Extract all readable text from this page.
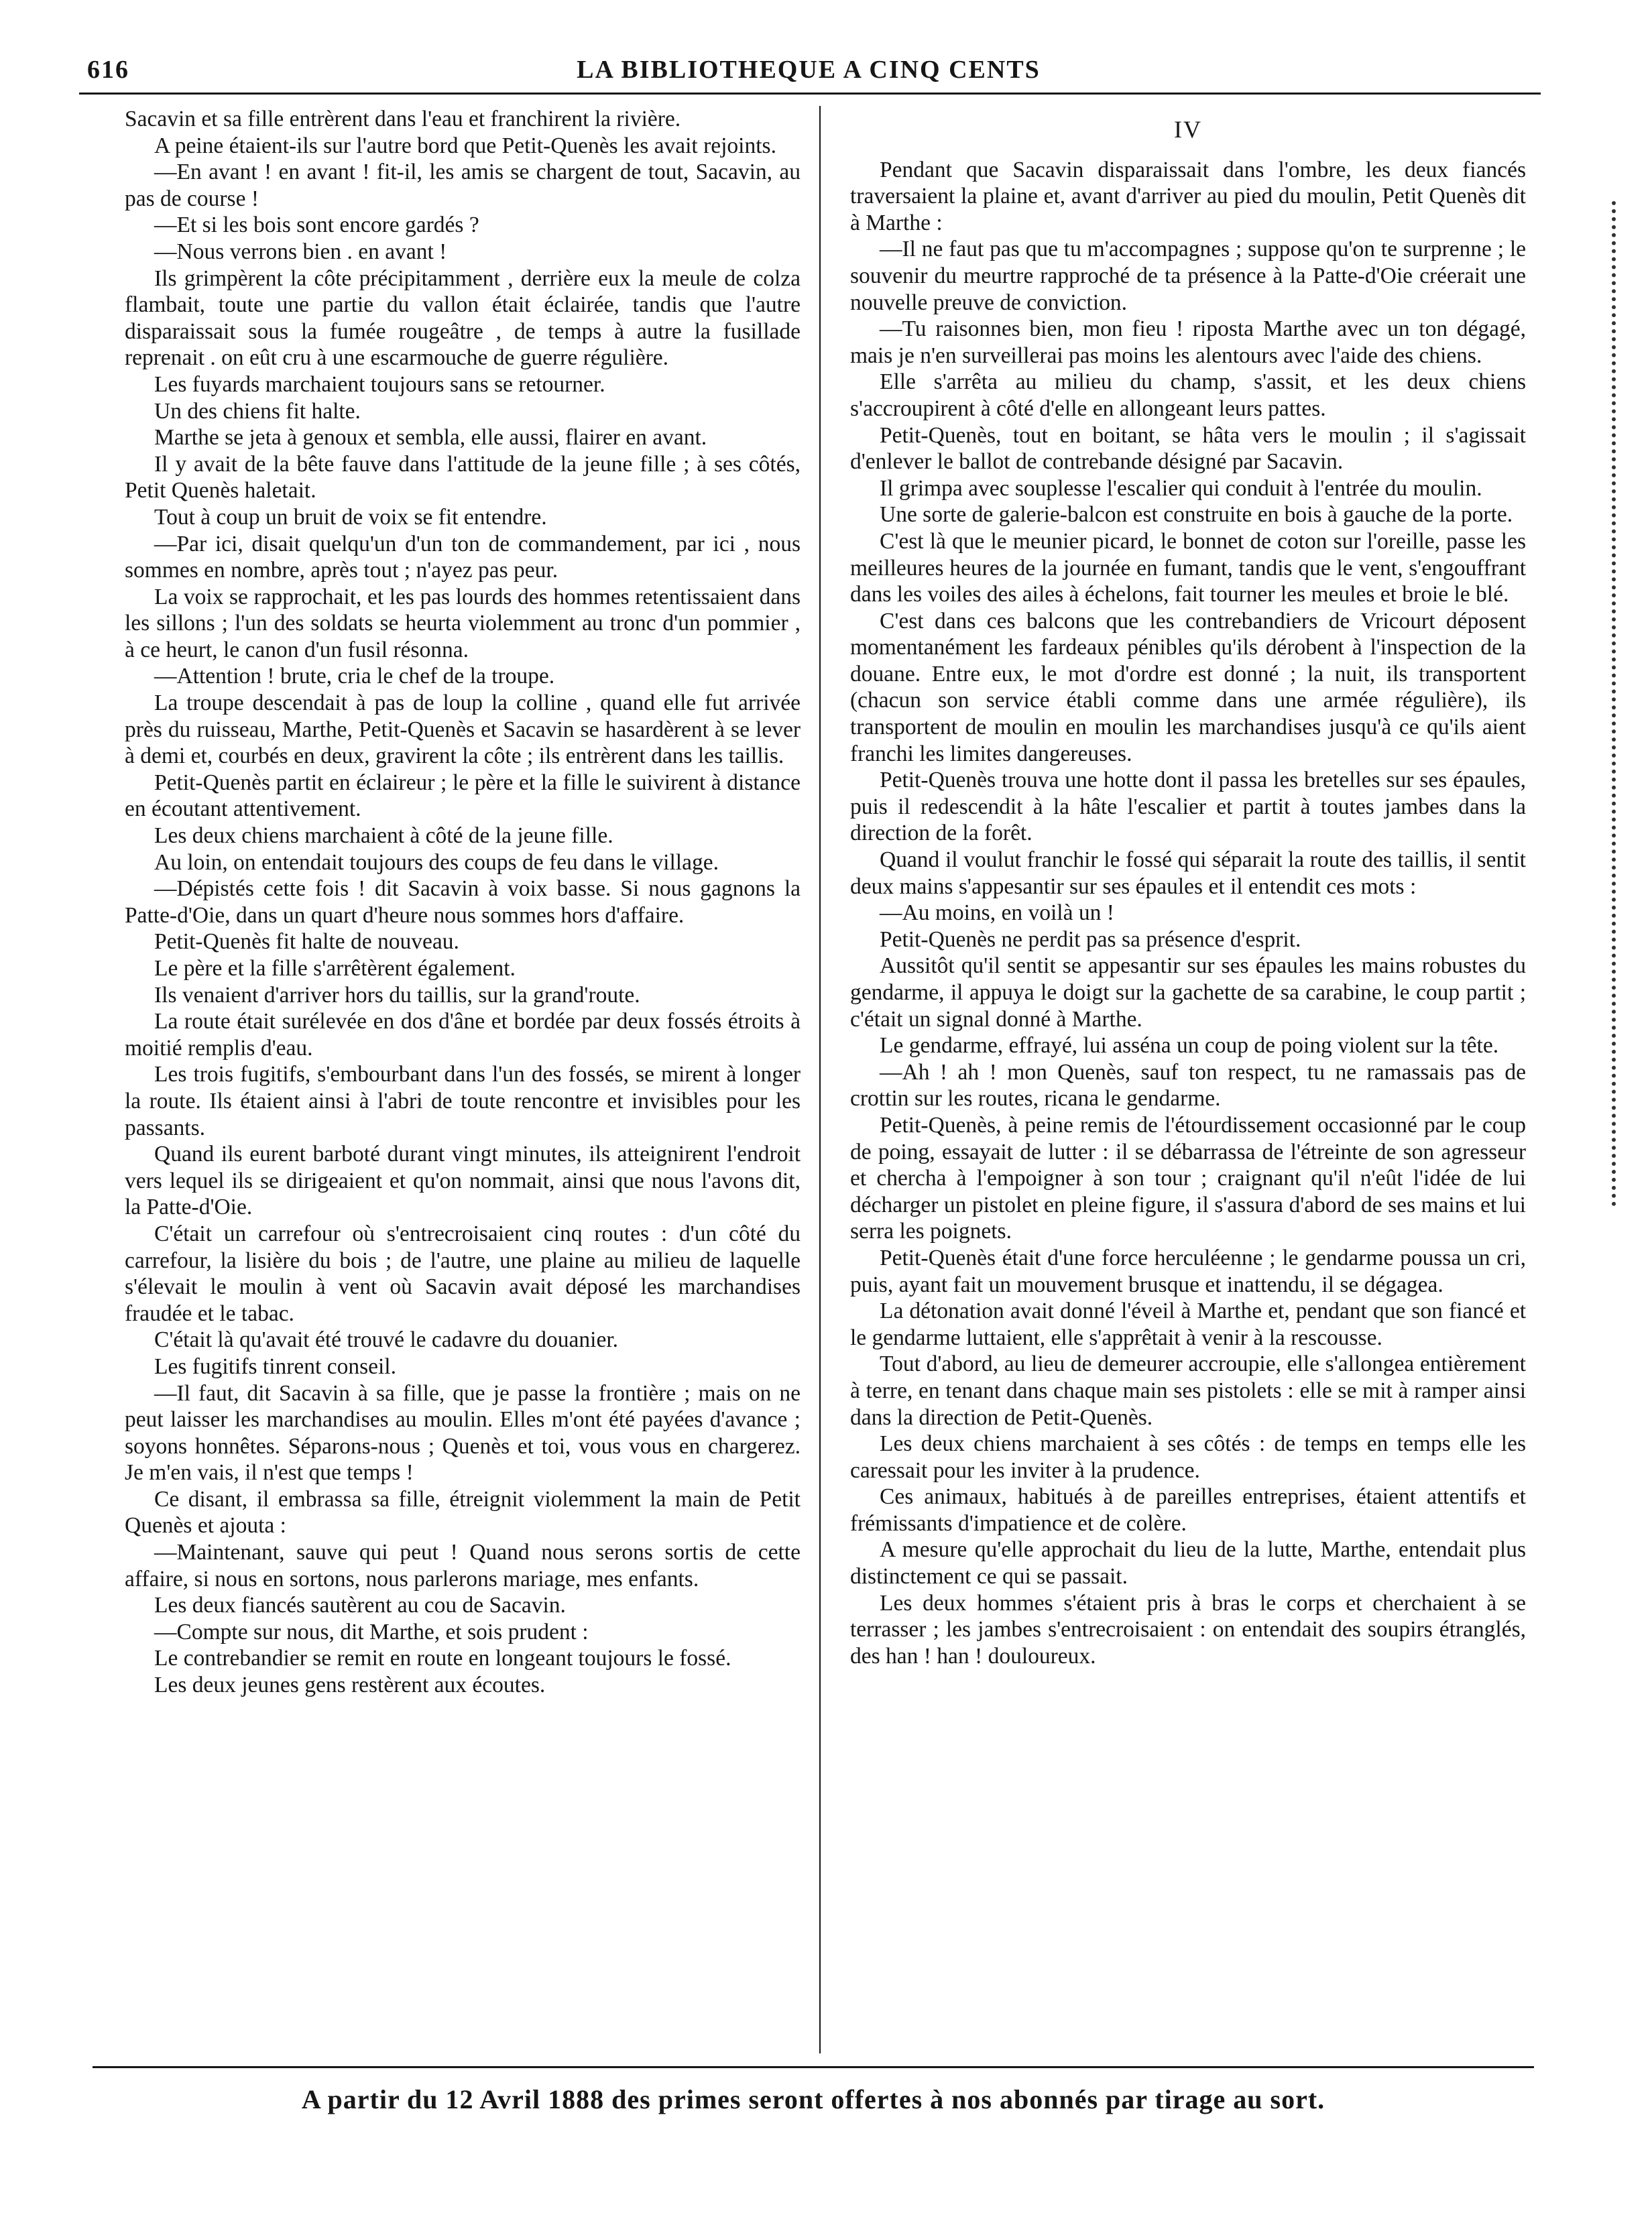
616	LA BIBLIOTHEQUE A CINQ CENTS

Sacavin et sa fille entrèrent dans l'eau et franchirent la rivière.

A peine étaient-ils sur l'autre bord que Petit-Quenès les avait rejoints.

—En avant ! en avant ! fit-il, les amis se chargent de tout, Sacavin, au pas de course !

—Et si les bois sont encore gardés ?

—Nous verrons bien . en avant !

Ils grimpèrent la côte précipitamment , derrière eux la meule de colza flambait, toute une partie du vallon était éclairée, tandis que l'autre disparaissait sous la fumée rougeâtre , de temps à autre la fusillade reprenait . on eût cru à une escarmouche de guerre régulière.

Les fuyards marchaient toujours sans se retourner.

Un des chiens fit halte.

Marthe se jeta à genoux et sembla, elle aussi, flairer en avant.

Il y avait de la bête fauve dans l'attitude de la jeune fille ; à ses côtés, Petit Quenès haletait.

Tout à coup un bruit de voix se fit entendre.

—Par ici, disait quelqu'un d'un ton de commandement, par ici , nous sommes en nombre, après tout ; n'ayez pas peur.

La voix se rapprochait, et les pas lourds des hommes retentissaient dans les sillons ; l'un des soldats se heurta violemment au tronc d'un pommier , à ce heurt, le canon d'un fusil résonna.

—Attention ! brute, cria le chef de la troupe.

La troupe descendait à pas de loup la colline , quand elle fut arrivée près du ruisseau, Marthe, Petit-Quenès et Sacavin se hasardèrent à se lever à demi et, courbés en deux, gravirent la côte ; ils entrèrent dans les taillis.

Petit-Quenès partit en éclaireur ; le père et la fille le suivirent à distance en écoutant attentivement.

Les deux chiens marchaient à côté de la jeune fille.

Au loin, on entendait toujours des coups de feu dans le village.

—Dépistés cette fois ! dit Sacavin à voix basse. Si nous gagnons la Patte-d'Oie, dans un quart d'heure nous sommes hors d'affaire.

Petit-Quenès fit halte de nouveau.

Le père et la fille s'arrêtèrent également.

Ils venaient d'arriver hors du taillis, sur la grand'route.

La route était surélevée en dos d'âne et bordée par deux fossés étroits à moitié remplis d'eau.

Les trois fugitifs, s'embourbant dans l'un des fossés, se mirent à longer la route. Ils étaient ainsi à l'abri de toute rencontre et invisibles pour les passants.

Quand ils eurent barboté durant vingt minutes, ils atteignirent l'endroit vers lequel ils se dirigeaient et qu'on nommait, ainsi que nous l'avons dit, la Patte-d'Oie.

C'était un carrefour où s'entrecroisaient cinq routes : d'un côté du carrefour, la lisière du bois ; de l'autre, une plaine au milieu de laquelle s'élevait le moulin à vent où Sacavin avait déposé les marchandises fraudée et le tabac.

C'était là qu'avait été trouvé le cadavre du douanier.

Les fugitifs tinrent conseil.

—Il faut, dit Sacavin à sa fille, que je passe la frontière ; mais on ne peut laisser les marchandises au moulin. Elles m'ont été payées d'avance ; soyons honnêtes. Séparons-nous ; Quenès et toi, vous vous en chargerez. Je m'en vais, il n'est que temps !

Ce disant, il embrassa sa fille, étreignit violemment la main de Petit Quenès et ajouta :

—Maintenant, sauve qui peut ! Quand nous serons sortis de cette affaire, si nous en sortons, nous parlerons mariage, mes enfants.

Les deux fiancés sautèrent au cou de Sacavin.

—Compte sur nous, dit Marthe, et sois prudent :

Le contrebandier se remit en route en longeant toujours le fossé.

Les deux jeunes gens restèrent aux écoutes.

IV

Pendant que Sacavin disparaissait dans l'ombre, les deux fiancés traversaient la plaine et, avant d'arriver au pied du moulin, Petit Quenès dit à Marthe :

—Il ne faut pas que tu m'accompagnes ; suppose qu'on te surprenne ; le souvenir du meurtre rapproché de ta présence à la Patte-d'Oie créerait une nouvelle preuve de conviction.

—Tu raisonnes bien, mon fieu ! riposta Marthe avec un ton dégagé, mais je n'en surveillerai pas moins les alentours avec l'aide des chiens.

Elle s'arrêta au milieu du champ, s'assit, et les deux chiens s'accroupirent à côté d'elle en allongeant leurs pattes.

Petit-Quenès, tout en boitant, se hâta vers le moulin ; il s'agissait d'enlever le ballot de contrebande désigné par Sacavin.

Il grimpa avec souplesse l'escalier qui conduit à l'entrée du moulin.

Une sorte de galerie-balcon est construite en bois à gauche de la porte.

C'est là que le meunier picard, le bonnet de coton sur l'oreille, passe les meilleures heures de la journée en fumant, tandis que le vent, s'engouffrant dans les voiles des ailes à échelons, fait tourner les meules et broie le blé.

C'est dans ces balcons que les contrebandiers de Vricourt déposent momentanément les fardeaux pénibles qu'ils dérobent à l'inspection de la douane. Entre eux, le mot d'ordre est donné ; la nuit, ils transportent (chacun son service établi comme dans une armée régulière), ils transportent de moulin en moulin les marchandises jusqu'à ce qu'ils aient franchi les limites dangereuses.

Petit-Quenès trouva une hotte dont il passa les bretelles sur ses épaules, puis il redescendit à la hâte l'escalier et partit à toutes jambes dans la direction de la forêt.

Quand il voulut franchir le fossé qui séparait la route des taillis, il sentit deux mains s'appesantir sur ses épaules et il entendit ces mots :

—Au moins, en voilà un !

Petit-Quenès ne perdit pas sa présence d'esprit.

Aussitôt qu'il sentit se appesantir sur ses épaules les mains robustes du gendarme, il appuya le doigt sur la gachette de sa carabine, le coup partit ; c'était un signal donné à Marthe.

Le gendarme, effrayé, lui asséna un coup de poing violent sur la tête.

—Ah ! ah ! mon Quenès, sauf ton respect, tu ne ramassais pas de crottin sur les routes, ricana le gendarme.

Petit-Quenès, à peine remis de l'étourdissement occasionné par le coup de poing, essayait de lutter : il se débarrassa de l'étreinte de son agresseur et chercha à l'empoigner à son tour ; craignant qu'il n'eût l'idée de lui décharger un pistolet en pleine figure, il s'assura d'abord de ses mains et lui serra les poignets.

Petit-Quenès était d'une force herculéenne ; le gendarme poussa un cri, puis, ayant fait un mouvement brusque et inattendu, il se dégagea.

La détonation avait donné l'éveil à Marthe et, pendant que son fiancé et le gendarme luttaient, elle s'apprêtait à venir à la rescousse.

Tout d'abord, au lieu de demeurer accroupie, elle s'allongea entièrement à terre, en tenant dans chaque main ses pistolets : elle se mit à ramper ainsi dans la direction de Petit-Quenès.

Les deux chiens marchaient à ses côtés : de temps en temps elle les caressait pour les inviter à la prudence.

Ces animaux, habitués à de pareilles entreprises, étaient attentifs et frémissants d'impatience et de colère.

A mesure qu'elle approchait du lieu de la lutte, Marthe, entendait plus distinctement ce qui se passait.

Les deux hommes s'étaient pris à bras le corps et cherchaient à se terrasser ; les jambes s'entrecroisaient : on entendait des soupirs étranglés, des han ! han ! douloureux.

A partir du 12 Avril 1888 des primes seront offertes à nos abonnés par tirage au sort.
